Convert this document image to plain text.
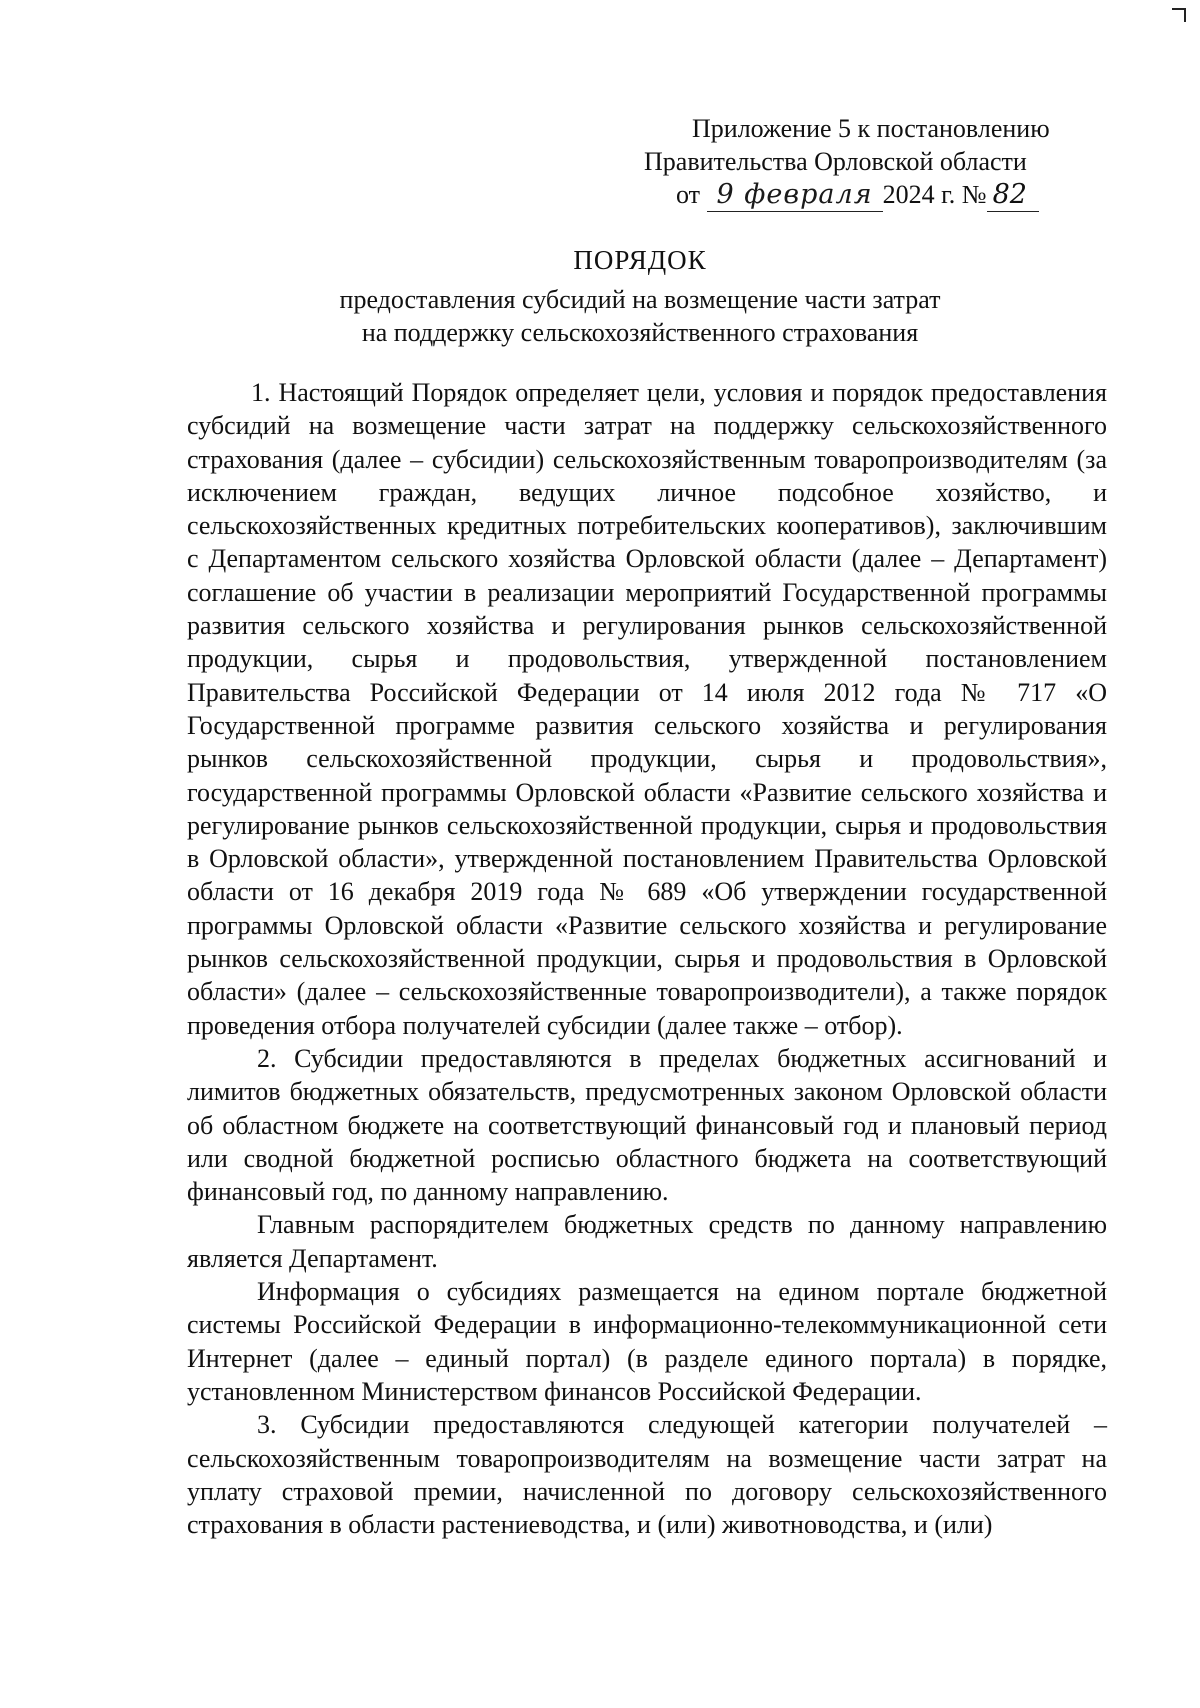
Приложение 5 к постановлению
Правительства Орловской области
от 9 февраля 2024 г. № 82
ПОРЯДОК
предоставления субсидий на возмещение части затрат
на поддержку сельскохозяйственного страхования

1. Настоящий Порядок определяет цели, условия и порядок предоставления субсидий на возмещение части затрат на поддержку сельскохозяйственного страхования (далее – субсидии) сельскохозяйственным товаропроизводителям (за исключением граждан, ведущих личное подсобное хозяйство, и сельскохозяйственных кредитных потребительских кооперативов), заключившим с Департаментом сельского хозяйства Орловской области (далее – Департамент) соглашение об участии в реализации мероприятий Государственной программы развития сельского хозяйства и регулирования рынков сельскохозяйственной продукции, сырья и продовольствия, утвержденной постановлением Правительства Российской Федерации от 14 июля 2012 года № 717 «О Государственной программе развития сельского хозяйства и регулирования рынков сельскохозяйственной продукции, сырья и продовольствия», государственной программы Орловской области «Развитие сельского хозяйства и регулирование рынков сельскохозяйственной продукции, сырья и продовольствия в Орловской области», утвержденной постановлением Правительства Орловской области от 16 декабря 2019 года № 689 «Об утверждении государственной программы Орловской области «Развитие сельского хозяйства и регулирование рынков сельскохозяйственной продукции, сырья и продовольствия в Орловской области» (далее – сельскохозяйственные товаропроизводители), а также порядок проведения отбора получателей субсидии (далее также – отбор).

2. Субсидии предоставляются в пределах бюджетных ассигнований и лимитов бюджетных обязательств, предусмотренных законом Орловской области об областном бюджете на соответствующий финансовый год и плановый период или сводной бюджетной росписью областного бюджета на соответствующий финансовый год, по данному направлению.

Главным распорядителем бюджетных средств по данному направлению является Департамент.

Информация о субсидиях размещается на едином портале бюджетной системы Российской Федерации в информационно-телекоммуникационной сети Интернет (далее – единый портал) (в разделе единого портала) в порядке, установленном Министерством финансов Российской Федерации.

3. Субсидии предоставляются следующей категории получателей – сельскохозяйственным товаропроизводителям на возмещение части затрат на уплату страховой премии, начисленной по договору сельскохозяйственного страхования в области растениеводства, и (или) животноводства, и (или)
